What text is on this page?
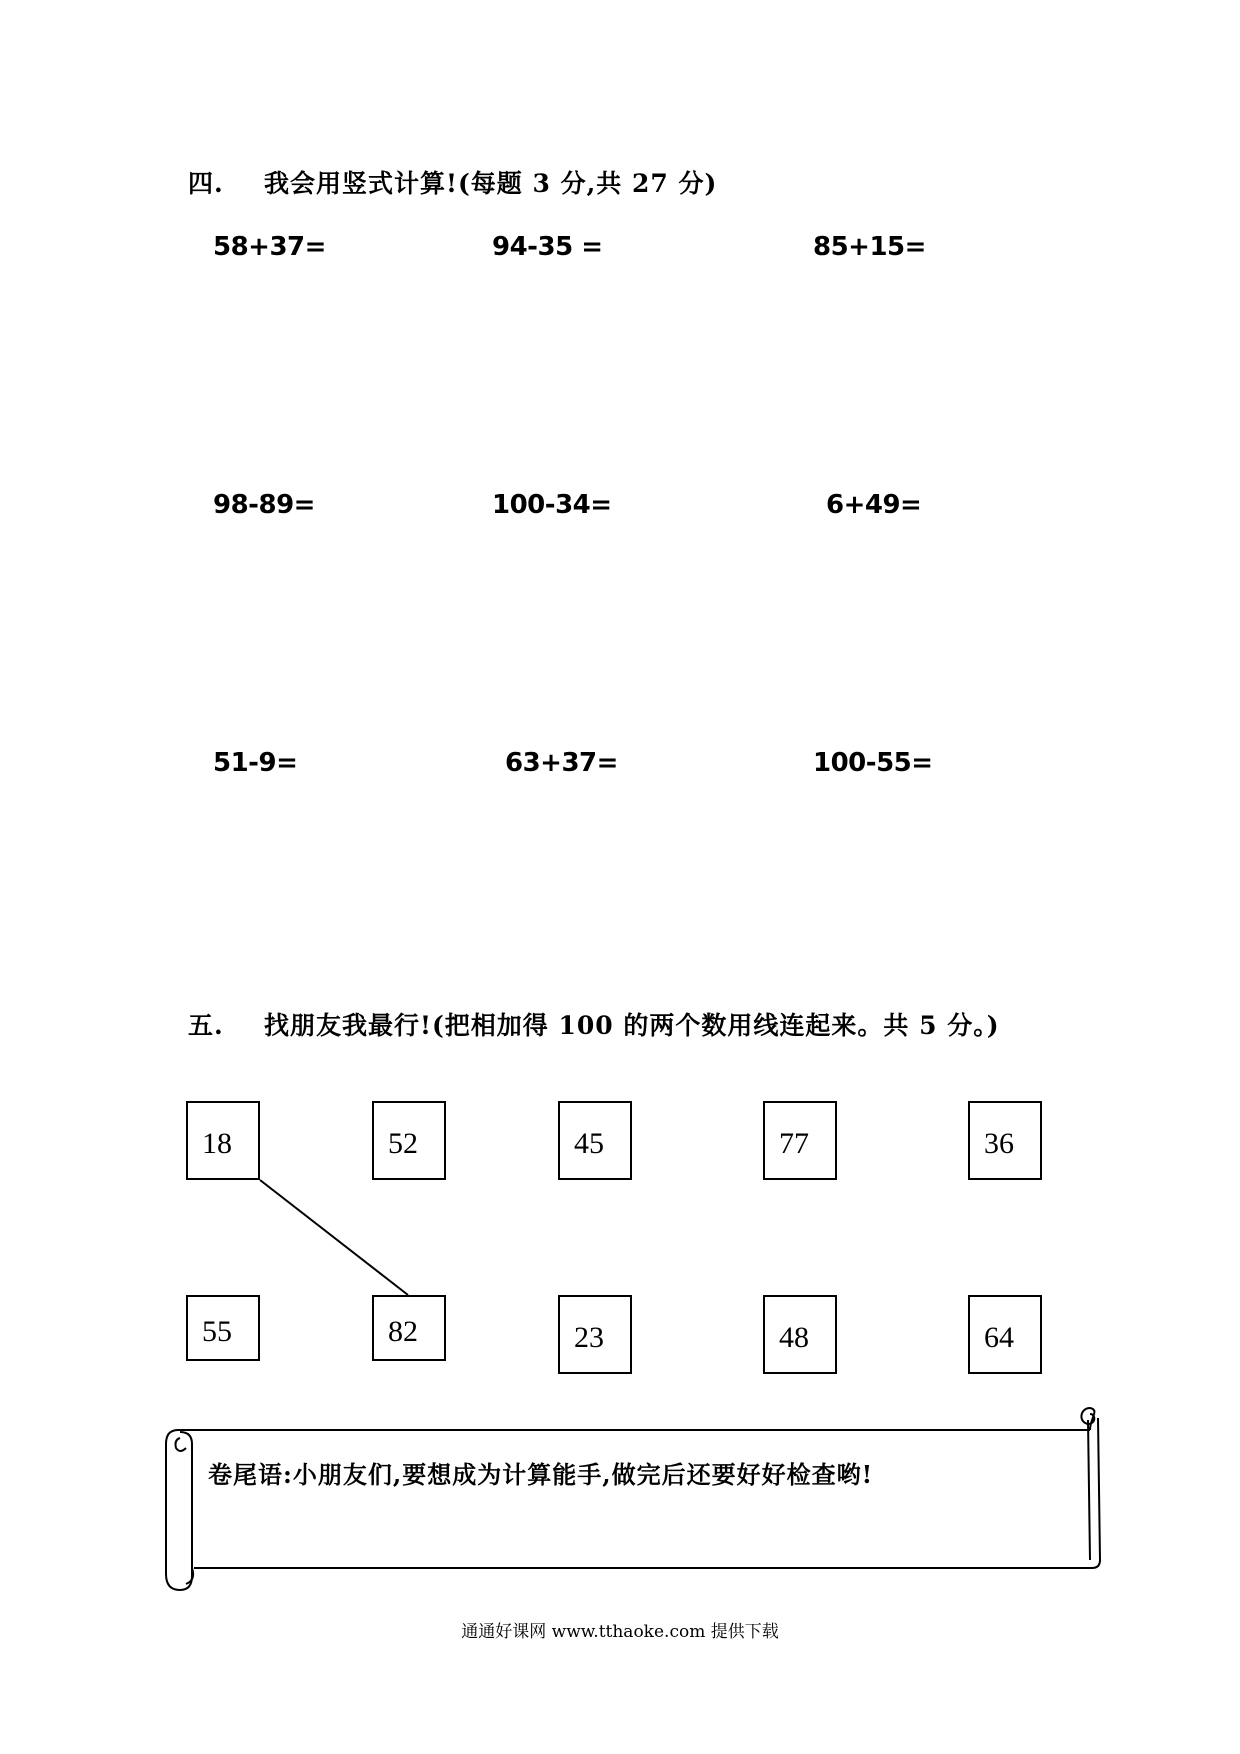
四. 我会用竖式计算!(每题 3 分,共 27 分)
58+37=	94-35 =	85+15=
98-89=	100-34=	6+49=
51-9=	63+37=	100-55=
五. 找朋友我最行!(把相加得 100 的两个数用线连起来。共 5 分。)
18	52	45	77	36
55	82	23	48	64
卷尾语:小朋友们,要想成为计算能手,做完后还要好好检查哟!
通通好课网 www.tthaoke.com 提供下载
